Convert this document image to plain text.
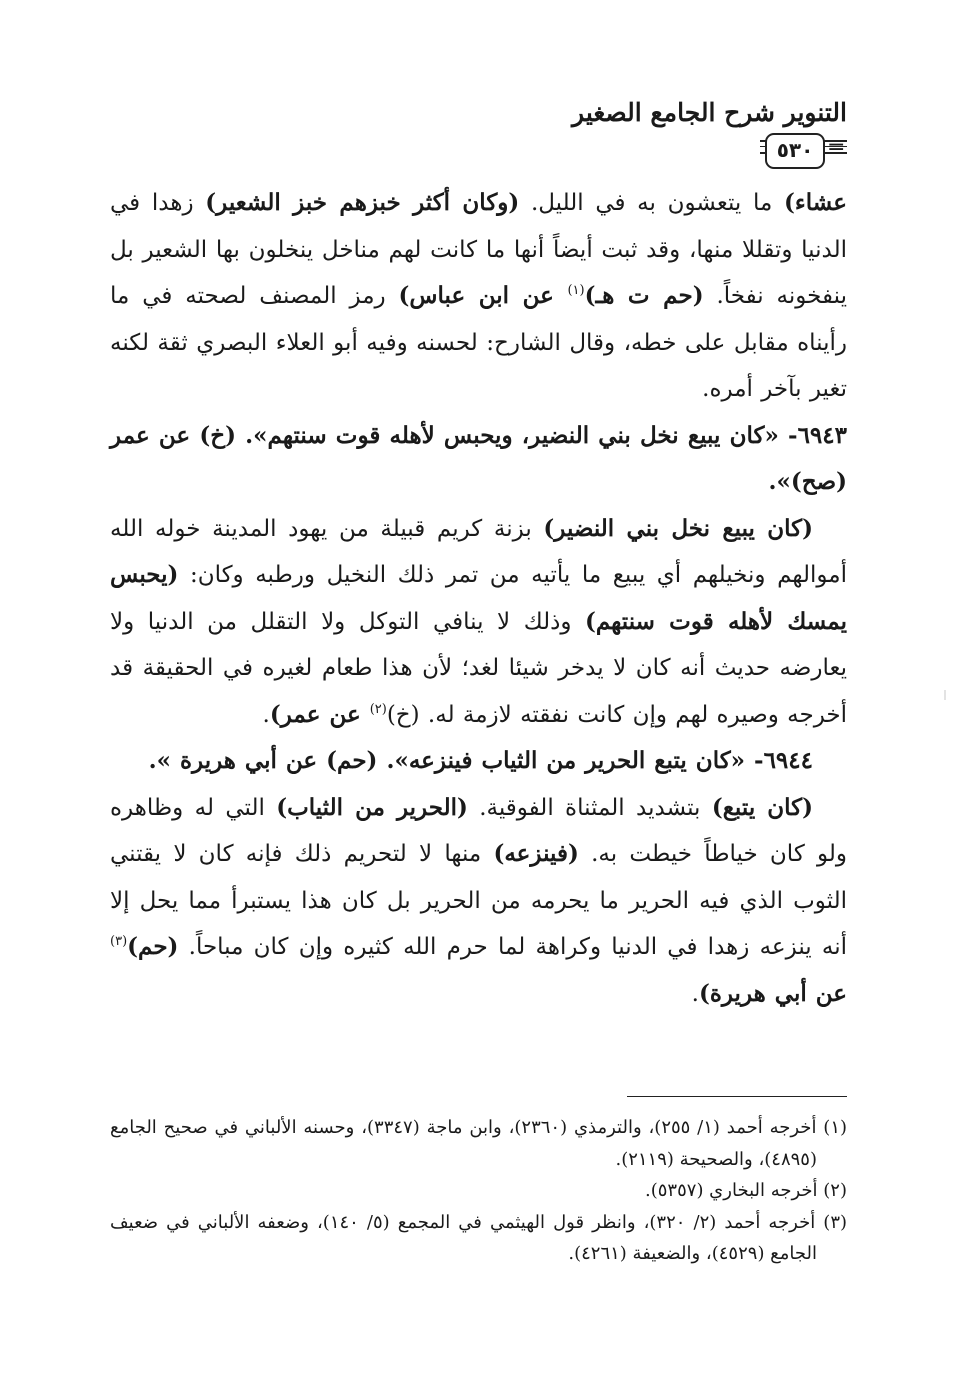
التنوير شرح الجامع الصغير
٥٣٠ =

عشاء) ما يتعشون به في الليل. (وكان أكثر خبزهم خبز الشعير) زهدا في الدنيا وتقللا منها، وقد ثبت أيضاً أنها ما كانت لهم مناخل ينخلون بها الشعير بل ينفخونه نفخاً. (حم ت هـ)$^{(١)}$ عن ابن عباس) رمز المصنف لصحته في ما رأيناه مقابل على خطه، وقال الشارح: لحسنه وفيه أبو العلاء البصري ثقة لكنه تغير بآخر أمره.

٦٩٤٣- «كان يبيع نخل بني النضير، ويحبس لأهله قوت سنتهم». (خ) عن عمر (صح)».

(كان يبيع نخل بني النضير) بزنة كريم قبيلة من يهود المدينة خوله الله أموالهم ونخيلهم أي يبيع ما يأتيه من تمر ذلك النخيل ورطبه وكان: (يحبس يمسك لأهله قوت سنتهم) وذلك لا ينافي التوكل ولا التقلل من الدنيا ولا يعارضه حديث أنه كان لا يدخر شيئا لغد؛ لأن هذا طعام لغيره في الحقيقة قد أخرجه وصيره لهم وإن كانت نفقته لازمة له. (خ)$^{(٢)}$ عن عمر).

٦٩٤٤- «كان يتبع الحرير من الثياب فينزعه». (حم) عن أبي هريرة ».

(كان يتبع) بتشديد المثناة الفوقية. (الحرير من الثياب) التي له وظاهره ولو كان خياطاً خيطت به. (فينزعه) منها لا لتحريم ذلك فإنه كان لا يقتني الثوب الذي فيه الحرير ما يحرمه من الحرير بل كان هذا يستبرأ مما يحل إلا أنه ينزعه زهدا في الدنيا وكراهة لما حرم الله كثيره وإن كان مباحاً. (حم)$^{(٣)}$ عن أبي هريرة).

(١) أخرجه أحمد (١/ ٢٥٥)، والترمذي (٢٣٦٠)، وابن ماجة (٣٣٤٧)، وحسنه الألباني في صحيح الجامع (٤٨٩٥)، والصحيحة (٢١١٩).

(٢) أخرجه البخاري (٥٣٥٧).

(٣) أخرجه أحمد (٢/ ٣٢٠)، وانظر قول الهيثمي في المجمع (٥/ ١٤٠)، وضعفه الألباني في ضعيف الجامع (٤٥٢٩)، والضعيفة (٤٢٦١).
